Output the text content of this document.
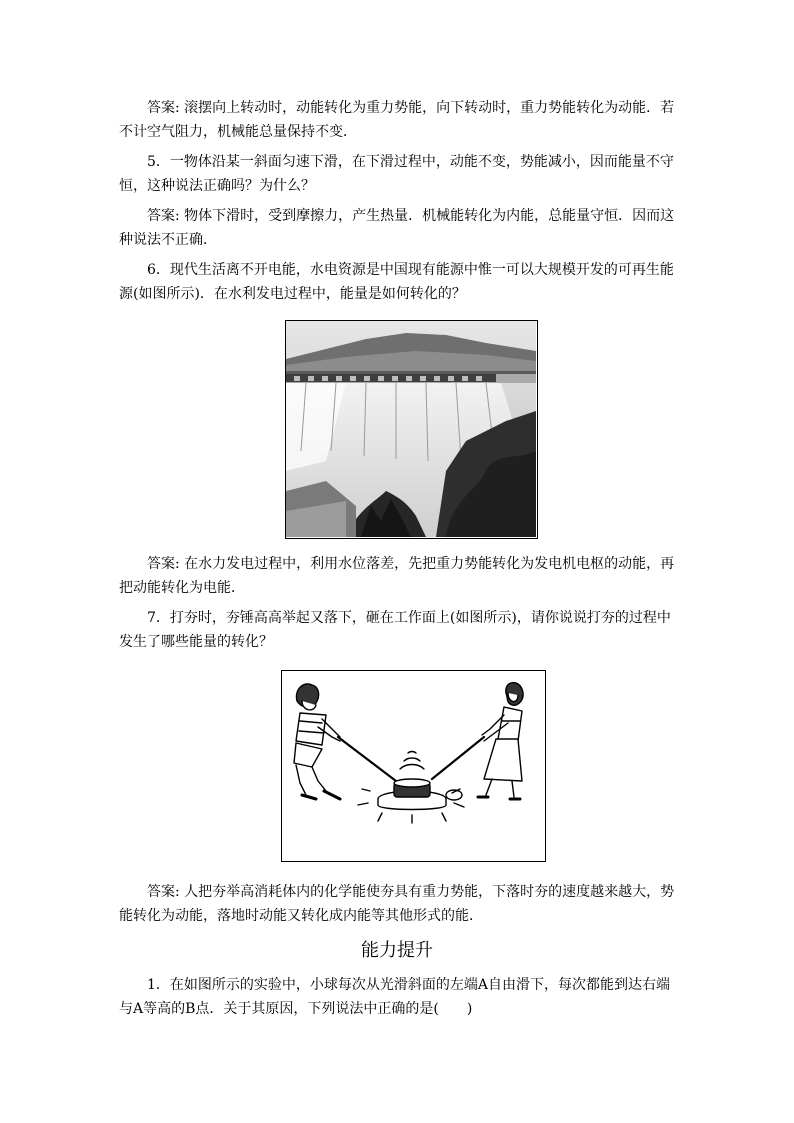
答案: 滚摆向上转动时，动能转化为重力势能，向下转动时，重力势能转化为动能．若不计空气阻力，机械能总量保持不变．

5．一物体沿某一斜面匀速下滑，在下滑过程中，动能不变，势能减小，因而能量不守恒，这种说法正确吗？为什么？

答案: 物体下滑时，受到摩擦力，产生热量．机械能转化为内能，总能量守恒．因而这种说法不正确．

6．现代生活离不开电能，水电资源是中国现有能源中惟一可以大规模开发的可再生能源(如图所示)．在水利发电过程中，能量是如何转化的？

答案: 在水力发电过程中，利用水位落差，先把重力势能转化为发电机电枢的动能，再把动能转化为电能．

7．打夯时，夯锤高高举起又落下，砸在工作面上(如图所示)，请你说说打夯的过程中发生了哪些能量的转化？

答案: 人把夯举高消耗体内的化学能使夯具有重力势能，下落时夯的速度越来越大，势能转化为动能，落地时动能又转化成内能等其他形式的能．

能力提升

1．在如图所示的实验中，小球每次从光滑斜面的左端A自由滑下，每次都能到达右端与A等高的B点．关于其原因，下列说法中正确的是(　　)
